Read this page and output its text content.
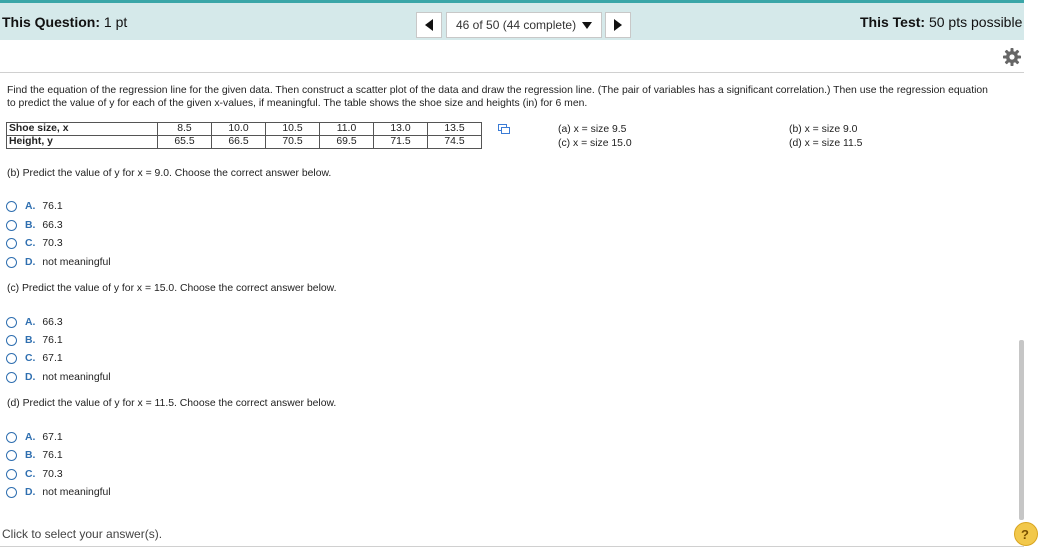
This Question: 1 pt	46 of 50 (44 complete)	This Test: 50 pts possible
Find the equation of the regression line for the given data. Then construct a scatter plot of the data and draw the regression line. (The pair of variables has a significant correlation.) Then use the regression equation to predict the value of y for each of the given x-values, if meaningful. The table shows the shoe size and heights (in) for 6 men.
Shoe size, x	8.5	10.0	10.5	11.0	13.0	13.5
Height, y	65.5	66.5	70.5	69.5	71.5	74.5
(a) x = size 9.5
(c) x = size 15.0
(b) x = size 9.0
(d) x = size 11.5
(b) Predict the value of y for x = 9.0. Choose the correct answer below.
A. 76.1
B. 66.3
C. 70.3
D. not meaningful
(c) Predict the value of y for x = 15.0. Choose the correct answer below.
A. 66.3
B. 76.1
C. 67.1
D. not meaningful
(d) Predict the value of y for x = 11.5. Choose the correct answer below.
A. 67.1
B. 76.1
C. 70.3
D. not meaningful
Click to select your answer(s).	?
